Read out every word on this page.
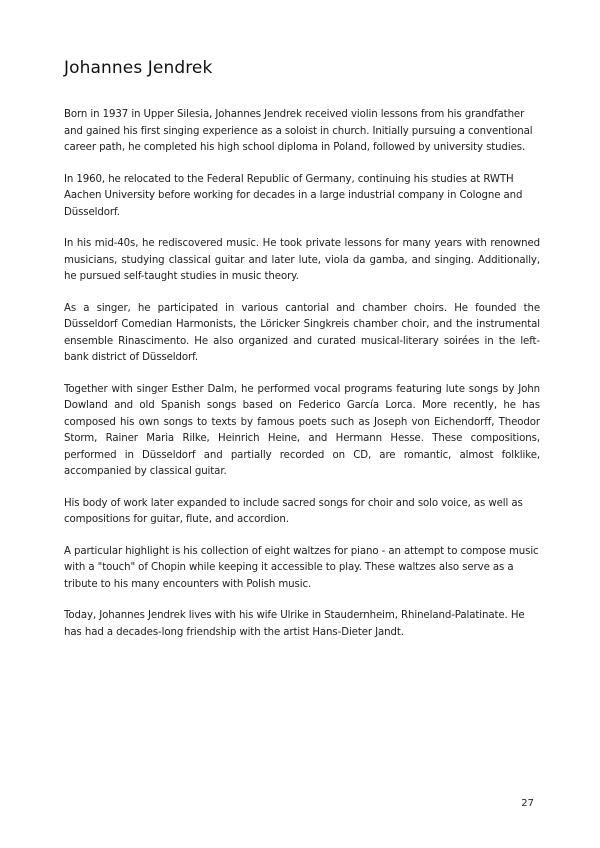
Johannes Jendrek

Born in 1937 in Upper Silesia, Johannes Jendrek received violin lessons from his grandfather and gained his first singing experience as a soloist in church. Initially pursuing a conventional career path, he completed his high school diploma in Poland, followed by university studies.

In 1960, he relocated to the Federal Republic of Germany, continuing his studies at RWTH Aachen University before working for decades in a large industrial company in Cologne and Düsseldorf.

In his mid-40s, he rediscovered music. He took private lessons for many years with renowned musicians, studying classical guitar and later lute, viola da gamba, and singing. Additionally, he pursued self-taught studies in music theory.

As a singer, he participated in various cantorial and chamber choirs. He founded the Düsseldorf Comedian Harmonists, the Löricker Singkreis chamber choir, and the instrumental ensemble Rinascimento. He also organized and curated musical-literary soirées in the left-bank district of Düsseldorf.

Together with singer Esther Dalm, he performed vocal programs featuring lute songs by John Dowland and old Spanish songs based on Federico García Lorca. More recently, he has composed his own songs to texts by famous poets such as Joseph von Eichendorff, Theodor Storm, Rainer Maria Rilke, Heinrich Heine, and Hermann Hesse. These compositions, performed in Düsseldorf and partially recorded on CD, are romantic, almost folklike, accompanied by classical guitar.

His body of work later expanded to include sacred songs for choir and solo voice, as well as compositions for guitar, flute, and accordion.

A particular highlight is his collection of eight waltzes for piano - an attempt to compose music with a "touch" of Chopin while keeping it accessible to play. These waltzes also serve as a tribute to his many encounters with Polish music.

Today, Johannes Jendrek lives with his wife Ulrike in Staudernheim, Rhineland-Palatinate. He has had a decades-long friendship with the artist Hans-Dieter Jandt.

27
